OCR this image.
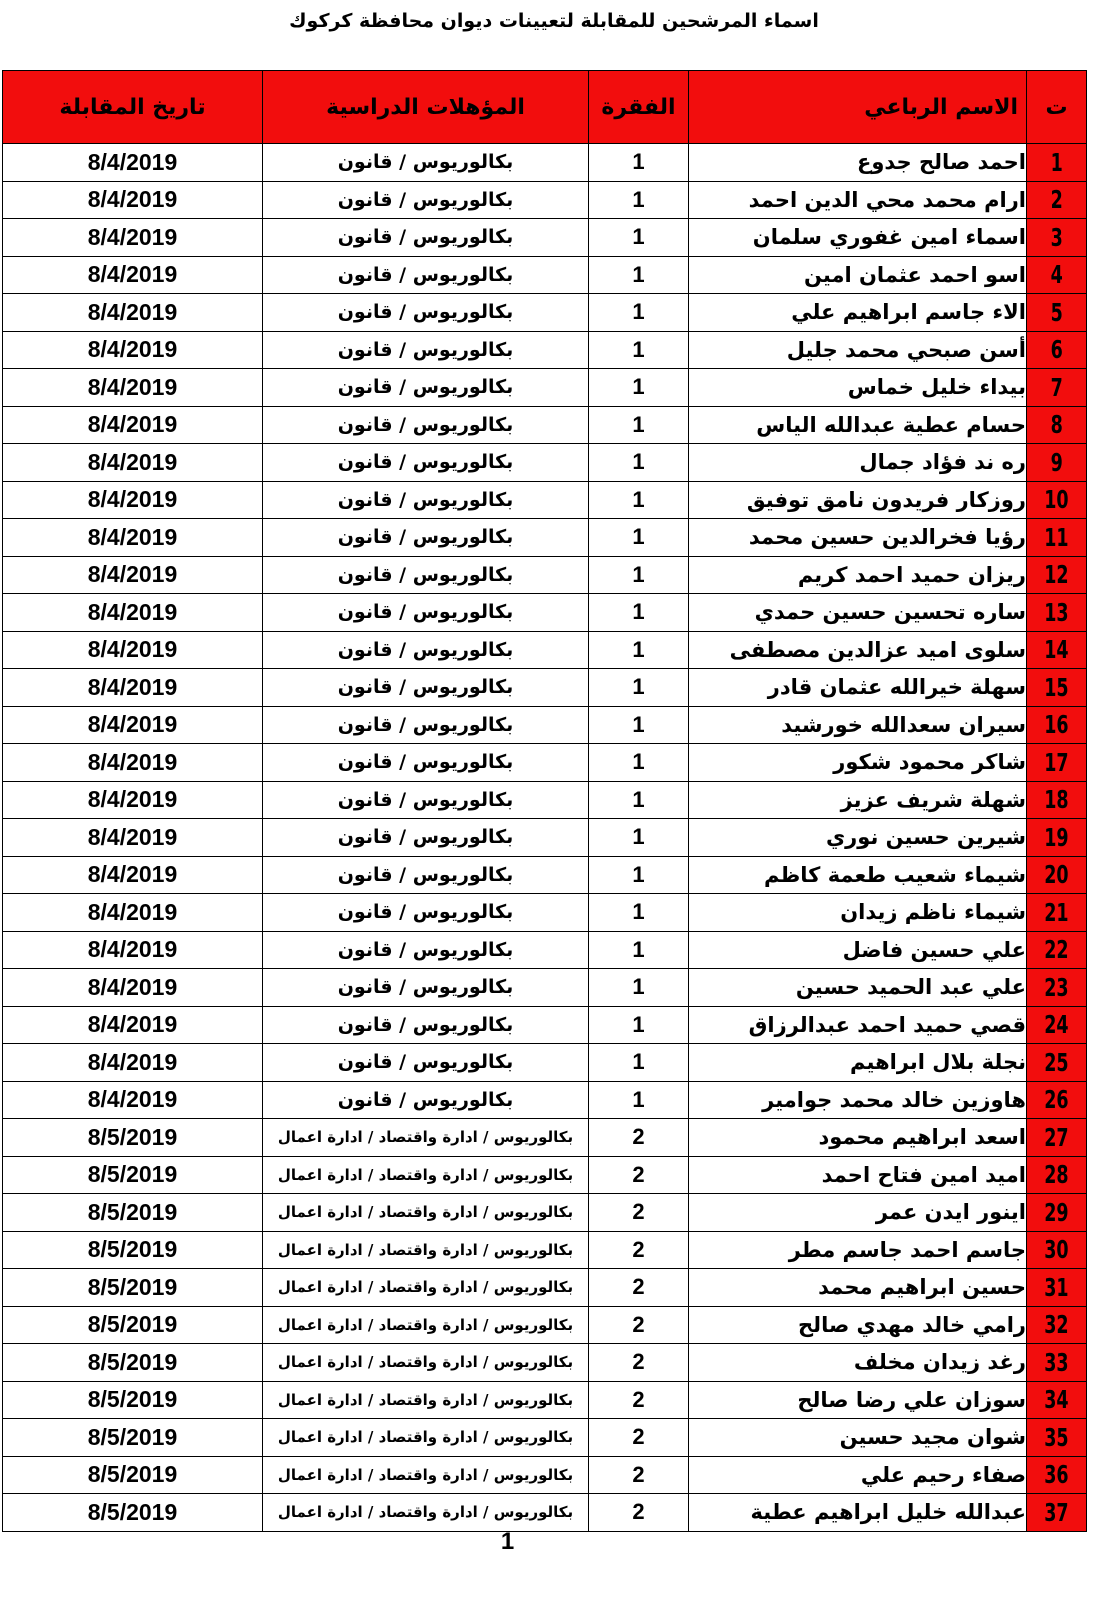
اسماء المرشحين للمقابلة لتعيينات ديوان محافظة كركوك
ت	الاسم الرباعي	الفقرة	المؤهلات الدراسية	تاريخ المقابلة
1	احمد صالح جدوع	1	بكالوريوس / قانون	8/4/2019
2	ارام محمد محي الدين احمد	1	بكالوريوس / قانون	8/4/2019
3	اسماء امين غفوري سلمان	1	بكالوريوس / قانون	8/4/2019
4	اسو احمد عثمان امين	1	بكالوريوس / قانون	8/4/2019
5	الاء جاسم ابراهيم علي	1	بكالوريوس / قانون	8/4/2019
6	أسن صبحي محمد جليل	1	بكالوريوس / قانون	8/4/2019
7	بيداء خليل خماس	1	بكالوريوس / قانون	8/4/2019
8	حسام عطية عبدالله الياس	1	بكالوريوس / قانون	8/4/2019
9	ره ند فؤاد جمال	1	بكالوريوس / قانون	8/4/2019
10	روزكار فريدون نامق توفيق	1	بكالوريوس / قانون	8/4/2019
11	رؤيا فخرالدين حسين محمد	1	بكالوريوس / قانون	8/4/2019
12	ريزان حميد احمد كريم	1	بكالوريوس / قانون	8/4/2019
13	ساره تحسين حسين حمدي	1	بكالوريوس / قانون	8/4/2019
14	سلوى اميد عزالدين مصطفى	1	بكالوريوس / قانون	8/4/2019
15	سهلة خيرالله عثمان قادر	1	بكالوريوس / قانون	8/4/2019
16	سيران سعدالله خورشيد	1	بكالوريوس / قانون	8/4/2019
17	شاكر محمود شكور	1	بكالوريوس / قانون	8/4/2019
18	شهلة شريف عزيز	1	بكالوريوس / قانون	8/4/2019
19	شيرين حسين نوري	1	بكالوريوس / قانون	8/4/2019
20	شيماء شعيب طعمة كاظم	1	بكالوريوس / قانون	8/4/2019
21	شيماء ناظم زيدان	1	بكالوريوس / قانون	8/4/2019
22	علي حسين فاضل	1	بكالوريوس / قانون	8/4/2019
23	علي عبد الحميد حسين	1	بكالوريوس / قانون	8/4/2019
24	قصي حميد احمد عبدالرزاق	1	بكالوريوس / قانون	8/4/2019
25	نجلة بلال ابراهيم	1	بكالوريوس / قانون	8/4/2019
26	هاوزين خالد محمد جوامير	1	بكالوريوس / قانون	8/4/2019
27	اسعد ابراهيم محمود	2	بكالوريوس / ادارة واقتصاد / ادارة اعمال	8/5/2019
28	اميد امين فتاح احمد	2	بكالوريوس / ادارة واقتصاد / ادارة اعمال	8/5/2019
29	اينور ايدن عمر	2	بكالوريوس / ادارة واقتصاد / ادارة اعمال	8/5/2019
30	جاسم احمد جاسم مطر	2	بكالوريوس / ادارة واقتصاد / ادارة اعمال	8/5/2019
31	حسين ابراهيم محمد	2	بكالوريوس / ادارة واقتصاد / ادارة اعمال	8/5/2019
32	رامي خالد مهدي صالح	2	بكالوريوس / ادارة واقتصاد / ادارة اعمال	8/5/2019
33	رغد زيدان مخلف	2	بكالوريوس / ادارة واقتصاد / ادارة اعمال	8/5/2019
34	سوزان علي رضا صالح	2	بكالوريوس / ادارة واقتصاد / ادارة اعمال	8/5/2019
35	شوان مجيد حسين	2	بكالوريوس / ادارة واقتصاد / ادارة اعمال	8/5/2019
36	صفاء رحيم علي	2	بكالوريوس / ادارة واقتصاد / ادارة اعمال	8/5/2019
37	عبدالله خليل ابراهيم عطية	2	بكالوريوس / ادارة واقتصاد / ادارة اعمال	8/5/2019
1
